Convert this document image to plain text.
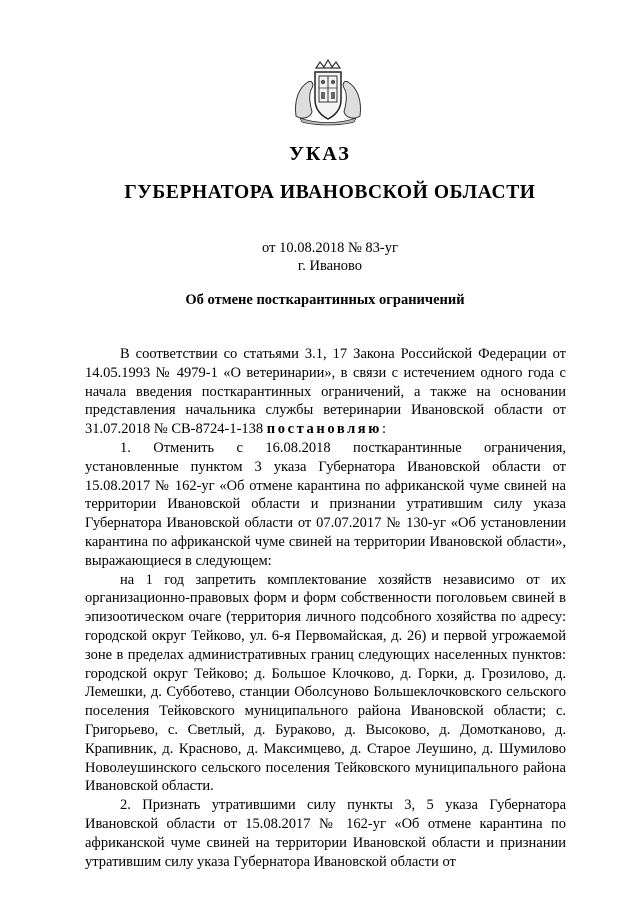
УКАЗ
ГУБЕРНАТОРА ИВАНОВСКОЙ ОБЛАСТИ
от 10.08.2018 № 83-уг
г. Иваново
Об отмене посткарантинных ограничений

В соответствии со статьями 3.1, 17 Закона Российской Федерации от 14.05.1993 № 4979-1 «О ветеринарии», в связи с истечением одного года с начала введения посткарантинных ограничений, а также на основании представления начальника службы ветеринарии Ивановской области от 31.07.2018 № СВ-8724-1-138 постановляю:

1. Отменить с 16.08.2018 посткарантинные ограничения, установленные пунктом 3 указа Губернатора Ивановской области от 15.08.2017 № 162-уг «Об отмене карантина по африканской чуме свиней на территории Ивановской области и признании утратившим силу указа Губернатора Ивановской области от 07.07.2017 № 130-уг «Об установлении карантина по африканской чуме свиней на территории Ивановской области», выражающиеся в следующем:

на 1 год запретить комплектование хозяйств независимо от их организационно-правовых форм и форм собственности поголовьем свиней в эпизоотическом очаге (территория личного подсобного хозяйства по адресу: городской округ Тейково, ул. 6-я Первомайская, д. 26) и первой угрожаемой зоне в пределах административных границ следующих населенных пунктов: городской округ Тейково; д. Большое Клочково, д. Горки, д. Грозилово, д. Лемешки, д. Субботево, станции Оболсуново Большеклочковского сельского поселения Тейковского муниципального района Ивановской области; с. Григорьево, с. Светлый, д. Бураково, д. Высоково, д. Домотканово, д. Крапивник, д. Красново, д. Максимцево, д. Старое Леушино, д. Шумилово Новолеушинского сельского поселения Тейковского муниципального района Ивановской области.

2. Признать утратившими силу пункты 3, 5 указа Губернатора Ивановской области от 15.08.2017 № 162-уг «Об отмене карантина по африканской чуме свиней на территории Ивановской области и признании утратившим силу указа Губернатора Ивановской области от
